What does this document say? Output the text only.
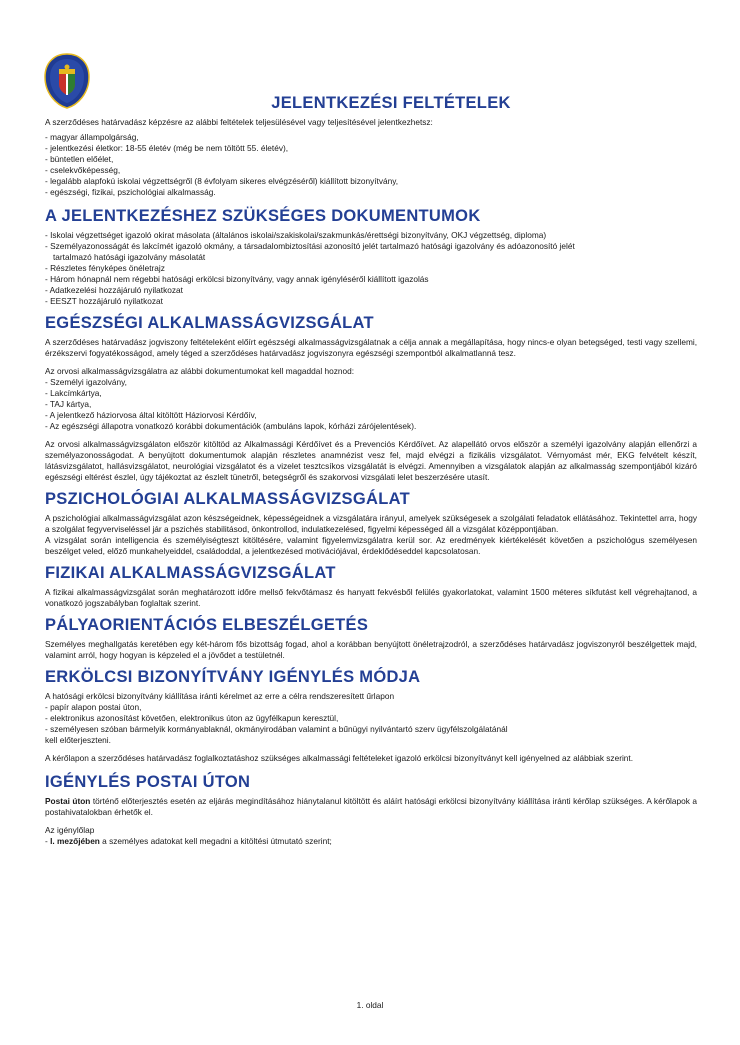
JELENTKEZÉSI FELTÉTELEK

A szerződéses határvadász képzésre az alábbi feltételek teljesülésével vagy teljesítésével jelentkezhetsz:

- magyar állampolgárság,
- jelentkezési életkor: 18-55 életév (még be nem töltött 55. életév),
- büntetlen előélet,
- cselekvőképesség,
- legalább alapfokú iskolai végzettségről (8 évfolyam sikeres elvégzéséről) kiállított bizonyítvány,
- egészségi, fizikai, pszichológiai alkalmasság.
A JELENTKEZÉSHEZ SZÜKSÉGES DOKUMENTUMOK
- Iskolai végzettséget igazoló okirat másolata (általános iskolai/szakiskolai/szakmunkás/érettségi bizonyítvány, OKJ végzettség, diploma)
- Személyazonosságát és lakcímét igazoló okmány, a társadalombiztosítási azonosító jelét tartalmazó hatósági igazolvány és adóazonosító jelét
tartalmazó hatósági igazolvány másolatát
- Részletes fényképes önéletrajz
- Három hónapnál nem régebbi hatósági erkölcsi bizonyítvány, vagy annak igényléséről kiállított igazolás
- Adatkezelési hozzájáruló nyilatkozat
- EESZT hozzájáruló nyilatkozat
EGÉSZSÉGI ALKALMASSÁGVIZSGÁLAT

A szerződéses határvadász jogviszony feltételeként előírt egészségi alkalmasságvizsgálatnak a célja annak a megállapítása, hogy nincs-e olyan betegséged, testi vagy szellemi, érzékszervi fogyatékosságod, amely téged a szerződéses határvadász jogviszonyra egészségi szempontból alkalmatlanná tesz.

Az orvosi alkalmasságvizsgálatra az alábbi dokumentumokat kell magaddal hoznod:

- Személyi igazolvány,
- Lakcímkártya,
- TAJ kártya,
- A jelentkező háziorvosa által kitöltött Háziorvosi Kérdőív,
- Az egészségi állapotra vonatkozó korábbi dokumentációk (ambuláns lapok, kórházi zárójelentések).

Az orvosi alkalmasságvizsgálaton először kitöltöd az Alkalmassági Kérdőívet és a Prevenciós Kérdőívet. Az alapellátó orvos először a személyi igazolvány alapján ellenőrzi a személyazonosságodat. A benyújtott dokumentumok alapján részletes anamnézist vesz fel, majd elvégzi a fizikális vizsgálatot. Vérnyomást mér, EKG felvételt készít, látásvizsgálatot, hallásvizsgálatot, neurológiai vizsgálatot és a vizelet tesztcsíkos vizsgálatát is elvégzi. Amennyiben a vizsgálatok alapján az alkalmasság szempontjából kizáró egészségi eltérést észlel, úgy tájékoztat az észlelt tünetről, betegségről és szakorvosi vizsgálati lelet beszerzésére utasít.

PSZICHOLÓGIAI ALKALMASSÁGVIZSGÁLAT

A pszichológiai alkalmasságvizsgálat azon készségeidnek, képességeidnek a vizsgálatára irányul, amelyek szükségesek a szolgálati feladatok ellátásához. Tekintettel arra, hogy a szolgálat fegyverviseléssel jár a pszichés stabilitásod, önkontrollod, indulatkezelésed, figyelmi képességed áll a vizsgálat középpontjában.

A vizsgálat során intelligencia és személyiségteszt kitöltésére, valamint figyelemvizsgálatra kerül sor. Az eredmények kiértékelését követően a pszichológus személyesen beszélget veled, előző munkahelyeiddel, családoddal, a jelentkezésed motivációjával, érdeklődéseddel kapcsolatosan.

FIZIKAI ALKALMASSÁGVIZSGÁLAT

A fizikai alkalmasságvizsgálat során meghatározott időre mellső fekvőtámasz és hanyatt fekvésből felülés gyakorlatokat, valamint 1500 méteres síkfutást kell végrehajtanod, a vonatkozó jogszabályban foglaltak szerint.

PÁLYAORIENTÁCIÓS ELBESZÉLGETÉS

Személyes meghallgatás keretében egy két-három fős bizottság fogad, ahol a korábban benyújtott önéletrajzodról, a szerződéses határvadász jogviszonyról beszélgettek majd, valamint arról, hogy hogyan is képzeled el a jövődet a testületnél.

ERKÖLCSI BIZONYÍTVÁNY IGÉNYLÉS MÓDJA

A hatósági erkölcsi bizonyítvány kiállítása iránti kérelmet az erre a célra rendszeresített űrlapon

- papír alapon postai úton,
- elektronikus azonosítást követően, elektronikus úton az ügyfélkapun keresztül,
- személyesen szóban bármelyik kormányablaknál, okmányirodában valamint a bűnügyi nyilvántartó szerv ügyfélszolgálatánál
kell előterjeszteni.

A kérőlapon a szerződéses határvadász foglalkoztatáshoz szükséges alkalmassági feltételeket igazoló erkölcsi bizonyítványt kell igényelned az alábbiak szerint.

IGÉNYLÉS POSTAI ÚTON

Postai úton történő előterjesztés esetén az eljárás megindításához hiánytalanul kitöltött és aláírt hatósági erkölcsi bizonyítvány kiállítása iránti kérőlap szükséges. A kérőlapok a postahivatalokban érhetők el.

Az igénylőlap

- I. mezőjében a személyes adatokat kell megadni a kitöltési útmutató szerint;

1. oldal
